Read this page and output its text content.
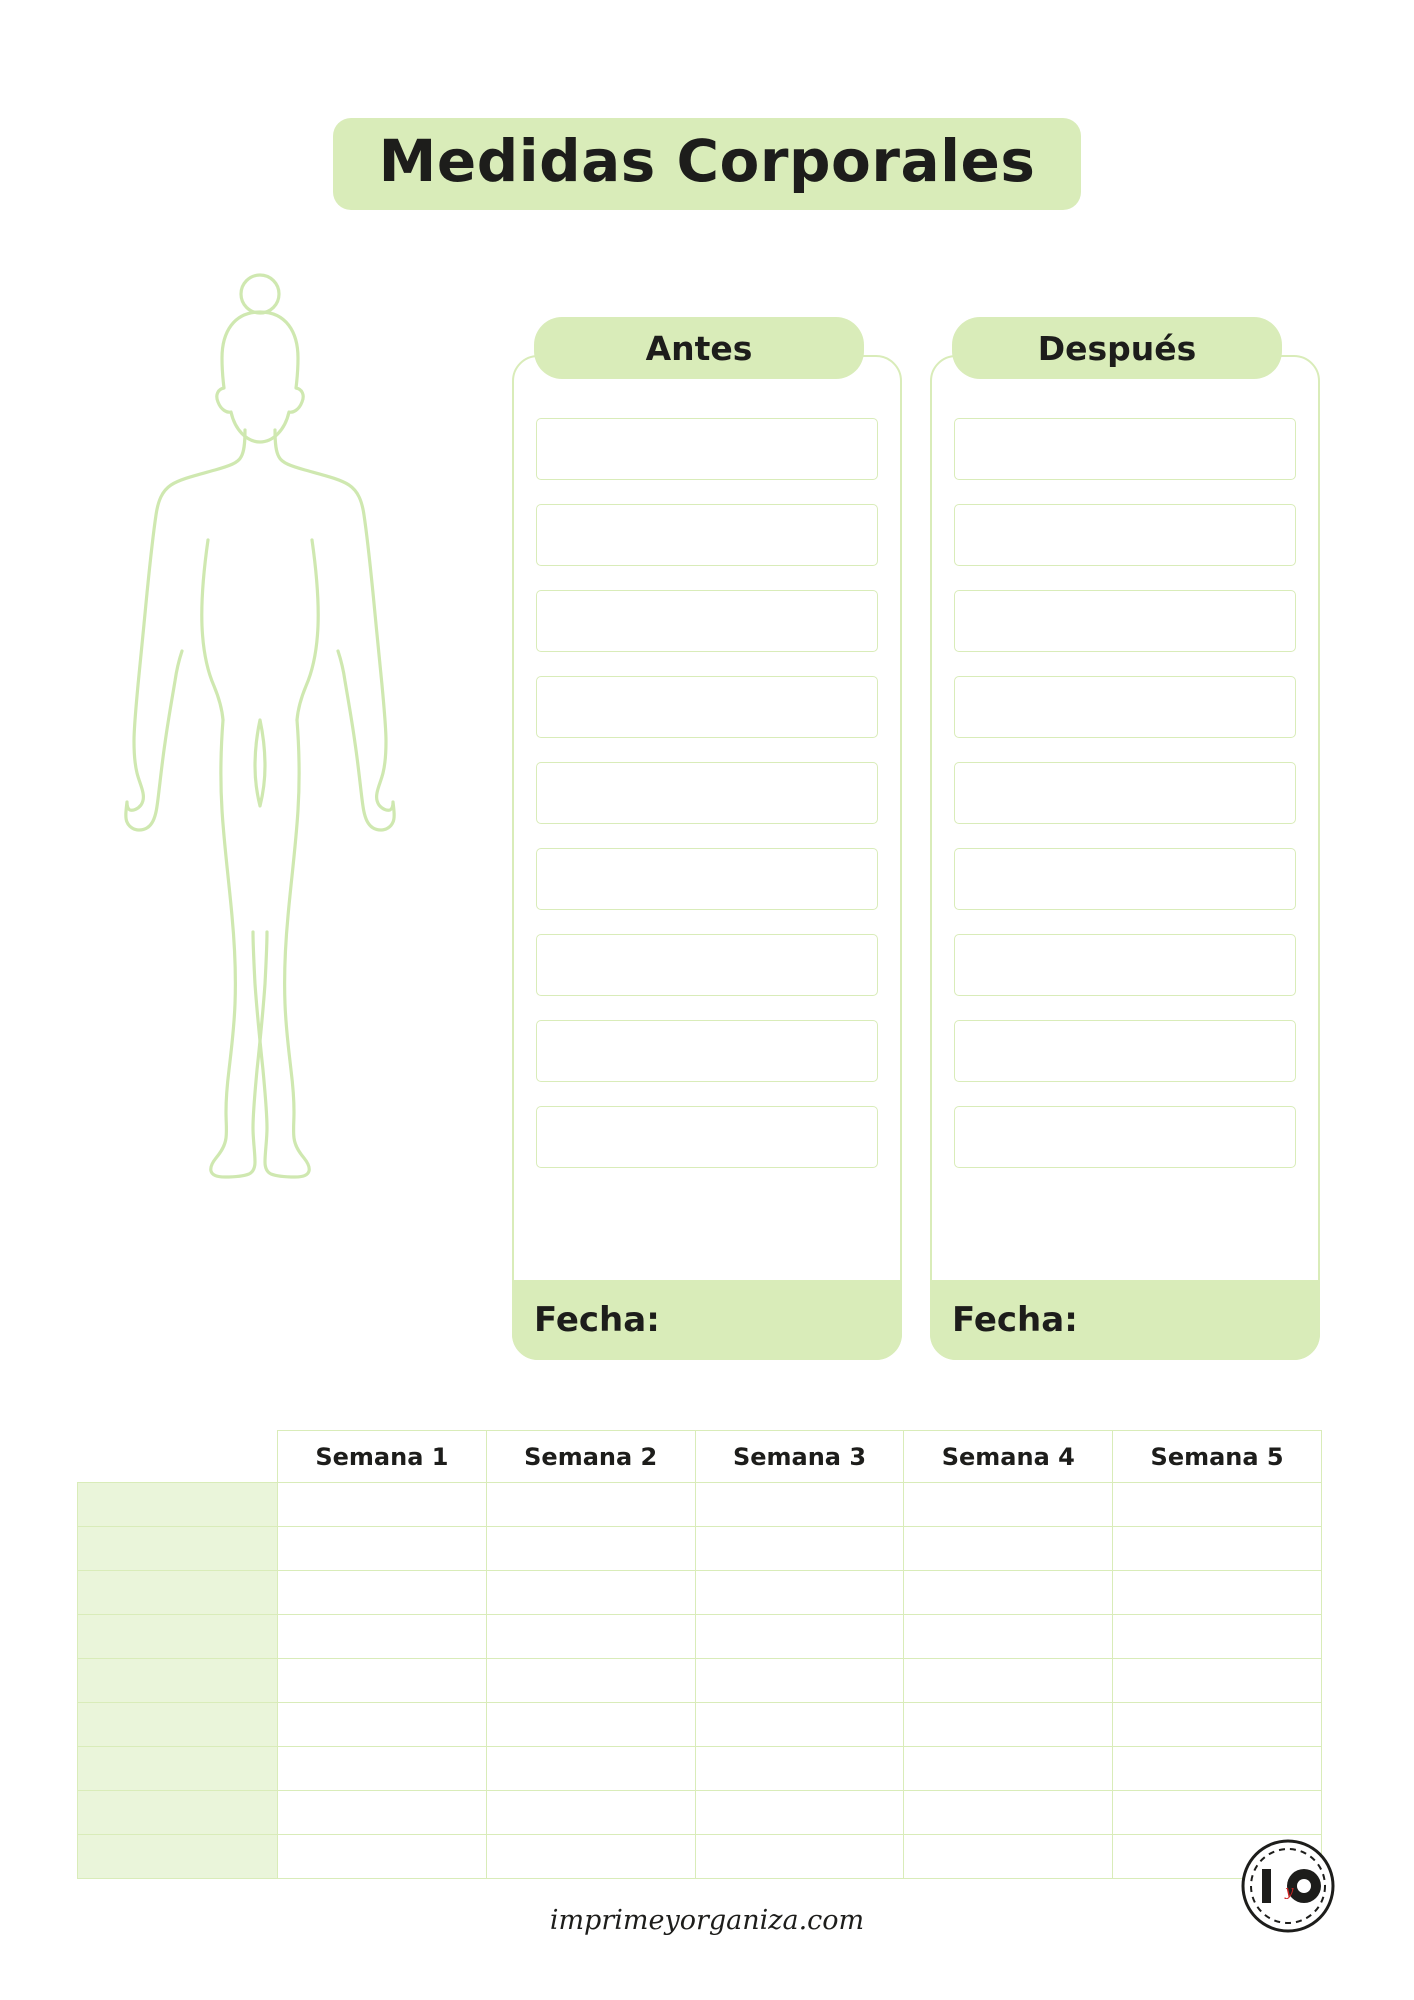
Medidas Corporales
Antes
Fecha:
Después
Fecha:
	Semana 1	Semana 2	Semana 3	Semana 4	Semana 5

imprimeyorganiza.com
y
